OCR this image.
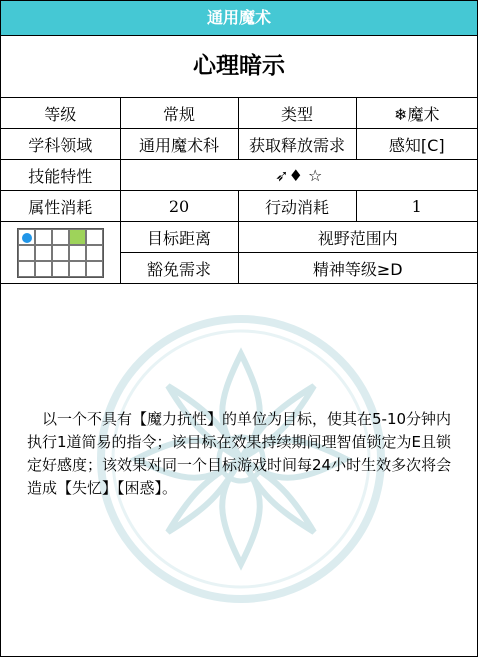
通用魔术
心理暗示
等级	常规	类型	❄魔术
学科领域	通用魔术科	获取释放需求	感知[C]
技能特性	➶♦ ☆		
属性消耗	20	行动消耗	1

	目标距离	视野范围内	
	豁免需求	精神等级≥D	
以一个不具有【魔力抗性】的单位为目标，使其在5-10分钟内执行1道简易的指令；该目标在效果持续期间理智值锁定为E且锁定好感度；该效果对同一个目标游戏时间每24小时生效多次将会造成【失忆】【困惑】。
